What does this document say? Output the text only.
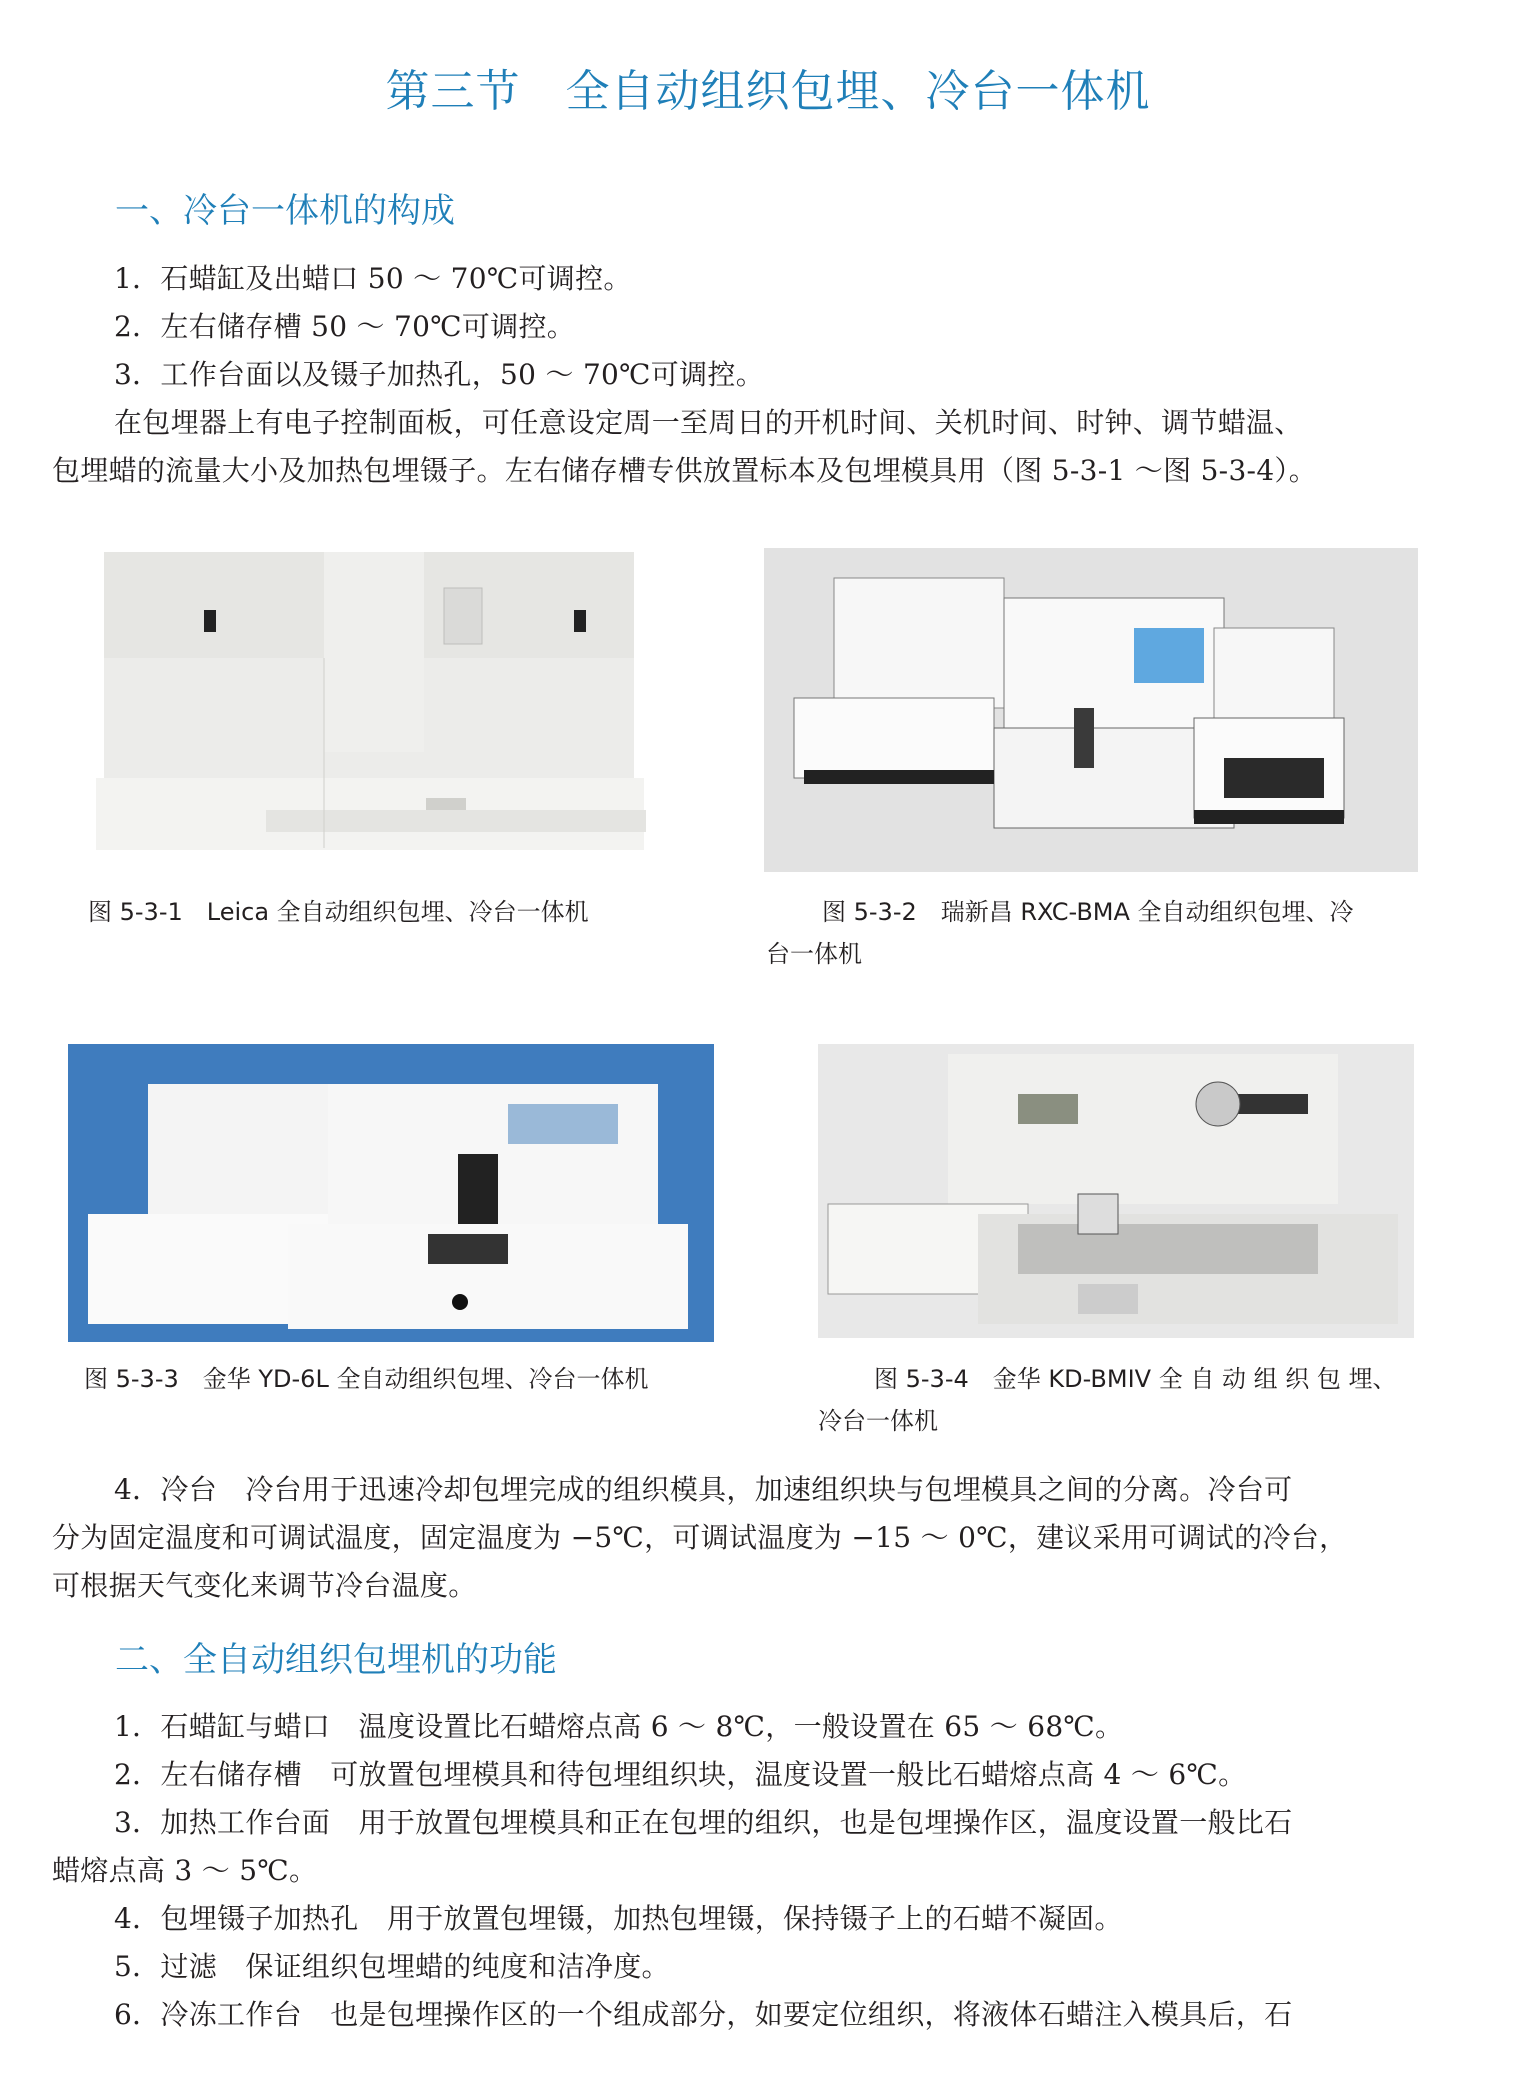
第三节　全自动组织包埋、冷台一体机
一、冷台一体机的构成
1．石蜡缸及出蜡口 50 ～ 70℃可调控。
2．左右储存槽 50 ～ 70℃可调控。
3．工作台面以及镊子加热孔，50 ～ 70℃可调控。
在包埋器上有电子控制面板，可任意设定周一至周日的开机时间、关机时间、时钟、调节蜡温、
包埋蜡的流量大小及加热包埋镊子。左右储存槽专供放置标本及包埋模具用（图 5-3-1 ～图 5-3-4）。
图 5-3-1　Leica 全自动组织包埋、冷台一体机	图 5-3-2　瑞新昌 RXC-BMA 全自动组织包埋、冷
台一体机
图 5-3-3　金华 YD-6L 全自动组织包埋、冷台一体机	图 5-3-4　金华 KD-BMIV 全 自 动 组 织 包 埋、
冷台一体机
4．冷台　冷台用于迅速冷却包埋完成的组织模具，加速组织块与包埋模具之间的分离。冷台可
分为固定温度和可调试温度，固定温度为 −5℃，可调试温度为 −15 ～ 0℃，建议采用可调试的冷台，
可根据天气变化来调节冷台温度。
二、全自动组织包埋机的功能
1．石蜡缸与蜡口　温度设置比石蜡熔点高 6 ～ 8℃，一般设置在 65 ～ 68℃。
2．左右储存槽　可放置包埋模具和待包埋组织块，温度设置一般比石蜡熔点高 4 ～ 6℃。
3．加热工作台面　用于放置包埋模具和正在包埋的组织，也是包埋操作区，温度设置一般比石
蜡熔点高 3 ～ 5℃。
4．包埋镊子加热孔　用于放置包埋镊，加热包埋镊，保持镊子上的石蜡不凝固。
5．过滤　保证组织包埋蜡的纯度和洁净度。
6．冷冻工作台　也是包埋操作区的一个组成部分，如要定位组织，将液体石蜡注入模具后，石
